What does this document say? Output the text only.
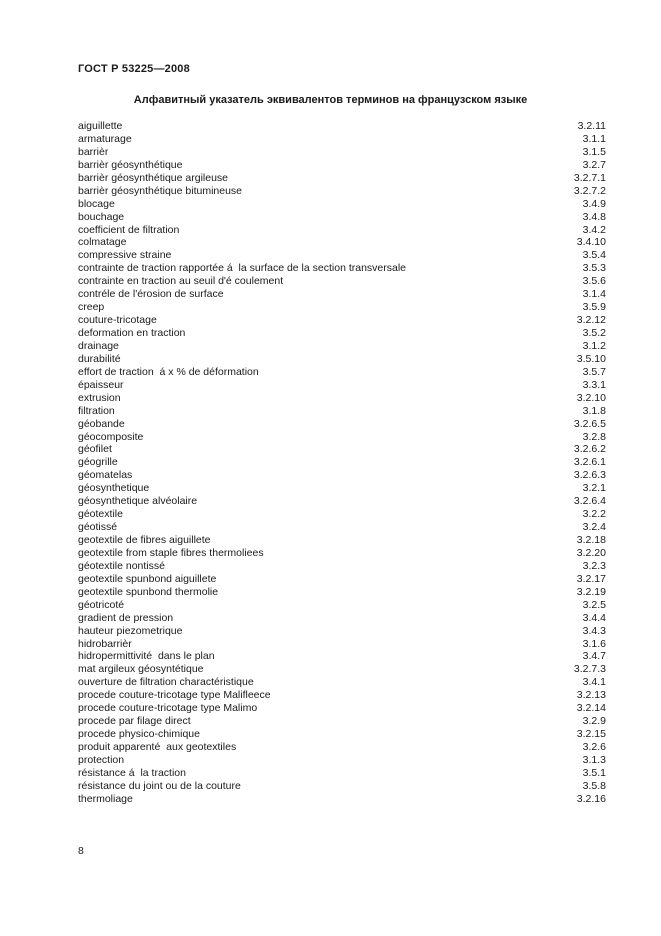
ГОСТ Р 53225—2008
Алфавитный указатель эквивалентов терминов на французском языке
aiguillette	3.2.11
armaturage	3.1.1
barrièr	3.1.5
barrièr géosynthétique	3.2.7
barrièr géosynthétique argileuse	3.2.7.1
barrièr géosynthétique bitumineuse	3.2.7.2
blocage	3.4.9
bouchage	3.4.8
coefficient de filtration	3.4.2
colmatage	3.4.10
compressive straine	3.5.4
contrainte de traction rapportée á  la surface de la section transversale	3.5.3
contrainte en traction au seuil d'é coulement	3.5.6
contréle de l'érosion de surface	3.1.4
creep	3.5.9
couture-tricotage	3.2.12
deformation en traction	3.5.2
drainage	3.1.2
durabilité	3.5.10
effort de traction  á x % de déformation	3.5.7
épaisseur	3.3.1
extrusion	3.2.10
filtration	3.1.8
géobande	3.2.6.5
géocomposite	3.2.8
géofilet	3.2.6.2
géogrille	3.2.6.1
géomatelas	3.2.6.3
géosynthetique	3.2.1
géosynthetique alvéolaire	3.2.6.4
géotextile	3.2.2
géotissé	3.2.4
geotextile de fibres aiguillete	3.2.18
geotextile from staple fibres thermoliees	3.2.20
géotextile nontissé	3.2.3
geotextile spunbond aiguillete	3.2.17
geotextile spunbond thermolie	3.2.19
géotricoté	3.2.5
gradient de pression	3.4.4
hauteur piezometrique	3.4.3
hidrobarrièr	3.1.6
hidropermittivité  dans le plan	3.4.7
mat argileux géosyntétique	3.2.7.3
ouverture de filtration charactéristique	3.4.1
procede couture-tricotage type Malifleece	3.2.13
procede couture-tricotage type Malimo	3.2.14
procede par filage direct	3.2.9
procede physico-chimique	3.2.15
produit apparenté  aux geotextiles	3.2.6
protection	3.1.3
résistance á  la traction	3.5.1
résistance du joint ou de la couture	3.5.8
thermoliage	3.2.16
8
